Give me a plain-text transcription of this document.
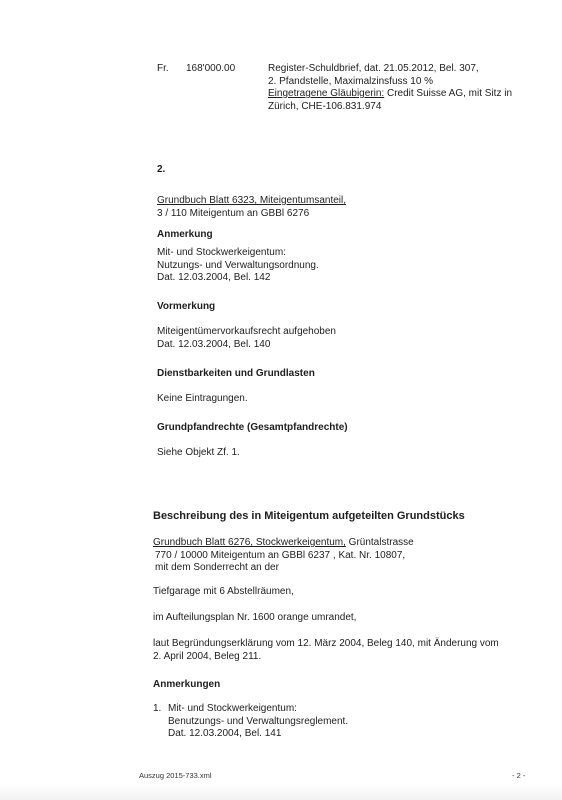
Fr. 168'000.00	Register-Schuldbrief, dat. 21.05.2012, Bel. 307,
2. Pfandstelle, Maximalzinsfuss 10 %
Eingetragene Gläubigerin: Credit Suisse AG, mit Sitz in
Zürich, CHE-106.831.974
2.
Grundbuch Blatt 6323, Miteigentumsanteil,
3 / 110 Miteigentum an GBBl 6276
Anmerkung
Mit- und Stockwerkeigentum:
Nutzungs- und Verwaltungsordnung.
Dat. 12.03.2004, Bel. 142
Vormerkung
Miteigentümervorkaufsrecht aufgehoben
Dat. 12.03.2004, Bel. 140
Dienstbarkeiten und Grundlasten
Keine Eintragungen.
Grundpfandrechte (Gesamtpfandrechte)
Siehe Objekt Zf. 1.
Beschreibung des in Miteigentum aufgeteilten Grundstücks
Grundbuch Blatt 6276, Stockwerkeigentum, Grüntalstrasse
770 / 10000 Miteigentum an GBBl 6237 , Kat. Nr. 10807,
mit dem Sonderrecht an der
Tiefgarage mit 6 Abstellräumen,
im Aufteilungsplan Nr. 1600 orange umrandet,
laut Begründungserklärung vom 12. März 2004, Beleg 140, mit Änderung vom
2. April 2004, Beleg 211.
Anmerkungen
1. Mit- und Stockwerkeigentum:
Benutzungs- und Verwaltungsreglement.
Dat. 12.03.2004, Bel. 141
Auszug 2015-733.xml	- 2 -
